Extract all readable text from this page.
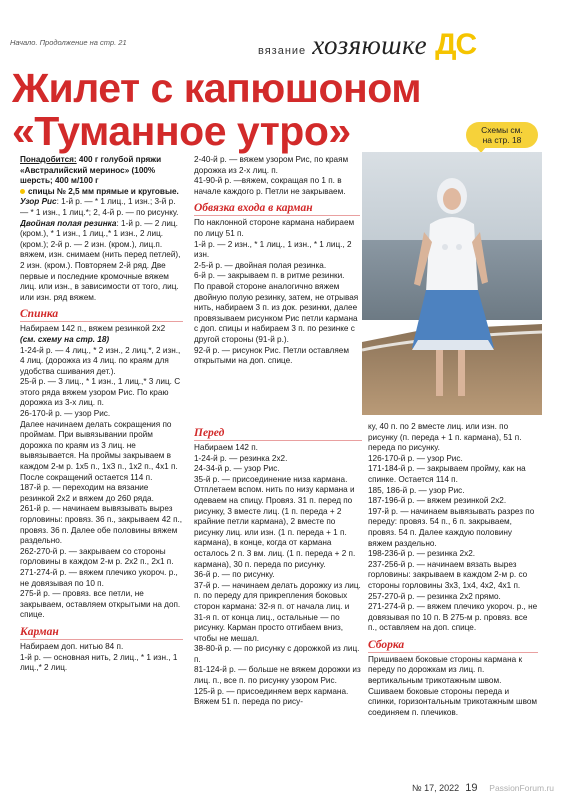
Начало. Продолжение на стр. 21
вязание хозяюшке ДС
Жилет с капюшоном
«Туманное утро»	Схемы см.
на стр. 18

Понадобится: 400 г голубой пряжи «Австралийский меринос» (100% шерсть; 400 м/100 г
спицы № 2,5 мм прямые и круговые.

Узор Рис: 1-й р. — * 1 лиц., 1 изн.; 3-й р. — * 1 изн., 1 лиц.*; 2, 4-й р. — по рисунку.

Двойная полая резинка: 1-й р. — 2 лиц. (кром.), * 1 изн., 1 лиц.,* 1 изн., 2 лиц. (кром.); 2-й р. — 2 изн. (кром.), лиц.п. вяжем, изн. снимаем (нить перед петлей), 2 изн. (кром.). Повторяем 2-й ряд. Две первые и последние кромочные вяжем лиц. или изн., в зависимости от того, лиц. или изн. ряд вяжем.

Спинка

Набираем 142 п., вяжем резинкой 2х2 (см. схему на стр. 18)

1-24-й р. — 4 лиц., * 2 изн., 2 лиц.*, 2 изн., 4 лиц. (дорожка из 4 лиц. по краям для удобства сшивания дет.).

25-й р. — 3 лиц., * 1 изн., 1 лиц.,* 3 лиц. С этого ряда вяжем узором Рис. По краю дорожка из 3-х лиц. п.

26-170-й р. — узор Рис.

Далее начинаем делать сокращения по проймам. При вывязывании пройм дорожка по краям из 3 лиц. не вывязывается. На проймы закрываем в каждом 2-м р. 1х5 п., 1х3 п., 1х2 п., 4х1 п. После сокращений остается 114 п.

187-й р. — переходим на вязание резинкой 2х2 и вяжем до 260 ряда.

261-й р. — начинаем вывязывать вырез горловины: провяз. 36 п., закрываем 42 п., провяз. 36 п. Далее обе половины вяжем раздельно.

262-270-й р. — закрываем со стороны горловины в каждом 2-м р. 2х2 п., 2х1 п.

271-274-й р. — вяжем плечико укороч. р., не довязывая по 10 п.

275-й р. — провяз. все петли, не закрываем, оставляем открытыми на доп. спице.

Карман

Набираем доп. нитью 84 п.

1-й р. — основная нить, 2 лиц., * 1 изн., 1 лиц.,* 2 лиц.

2-40-й р. — вяжем узором Рис, по краям дорожка из 2-х лиц. п.

41-90-й р. —вяжем, сокращая по 1 п. в начале каждого р. Петли не закрываем.

Обвязка входа в карман

По наклонной стороне кармана набираем по лицу 51 п.

1-й р. — 2 изн., * 1 лиц., 1 изн., * 1 лиц., 2 изн.

2-5-й р. — двойная полая резинка.

6-й р. — закрываем п. в ритме резинки.

По правой стороне аналогично вяжем двойную полую резинку, затем, не отрывая нить, набираем 3 п. из док. резинки, далее провязываем рисунком Рис петли кармана с доп. спицы и набираем 3 п. по резинке с другой стороны (91-й р.).

92-й р. — рисунок Рис. Петли оставляем открытыми на доп. спице.

Перед

Набираем 142 п.

1-24-й р. — резинка 2х2.

24-34-й р. — узор Рис.

35-й р. — присоединение низа кармана. Отплетаем вспом. нить по низу кармана и одеваем на спицу. Провяз. 31 п. перед по рисунку, 3 вместе лиц. (1 п. переда + 2 крайние петли кармана), 2 вместе по рисунку лиц. или изн. (1 п. переда + 1 п. кармана), в конце, когда от кармана осталось 2 п. 3 вм. лиц. (1 п. переда + 2 п. кармана), 30 п. переда по рисунку.

36-й р. — по рисунку.

37-й р. — начинаем делать дорожку из лиц. п. по переду для прикрепления боковых сторон кармана: 32-я п. от начала лиц. и 31-я п. от конца лиц., остальные — по рисунку. Карман просто отгибаем вниз, чтобы не мешал.

38-80-й р. — по рисунку с дорожкой из лиц. п.

81-124-й р. — больше не вяжем дорожки из лиц. п., все п. по рисунку узором Рис.

125-й р. — присоединяем верх кармана. Вяжем 51 п. переда по рису-

ку, 40 п. по 2 вместе лиц. или изн. по рисунку (п. переда + 1 п. кармана), 51 п. переда по рисунку.

126-170-й р. — узор Рис.

171-184-й р. — закрываем пройму, как на спинке. Остается 114 п.

185, 186-й р. — узор Рис.

187-196-й р. — вяжем резинкой 2х2.

197-й р. — начинаем вывязывать разрез по переду: провяз. 54 п., 6 п. закрываем, провяз. 54 п. Далее каждую половину вяжем раздельно.

198-236-й р. — резинка 2х2.

237-256-й р. — начинаем вязать вырез горловины: закрываем в каждом 2-м р. со стороны горловины 3х3, 1х4, 4х2, 4х1 п.

257-270-й р. — резинка 2х2 прямо.

271-274-й р. — вяжем плечико укороч. р., не довязывая по 10 п. В 275-м р. провяз. все п., оставляем на доп. спице.

Сборка

Пришиваем боковые стороны кармана к переду по дорожкам из лиц. п. вертикальным трикотажным швом. Сшиваем боковые стороны переда и спинки, горизонтальным трикотажным швом соединяем п. плечиков.

№ 17, 2022 19 PassionForum.ru
